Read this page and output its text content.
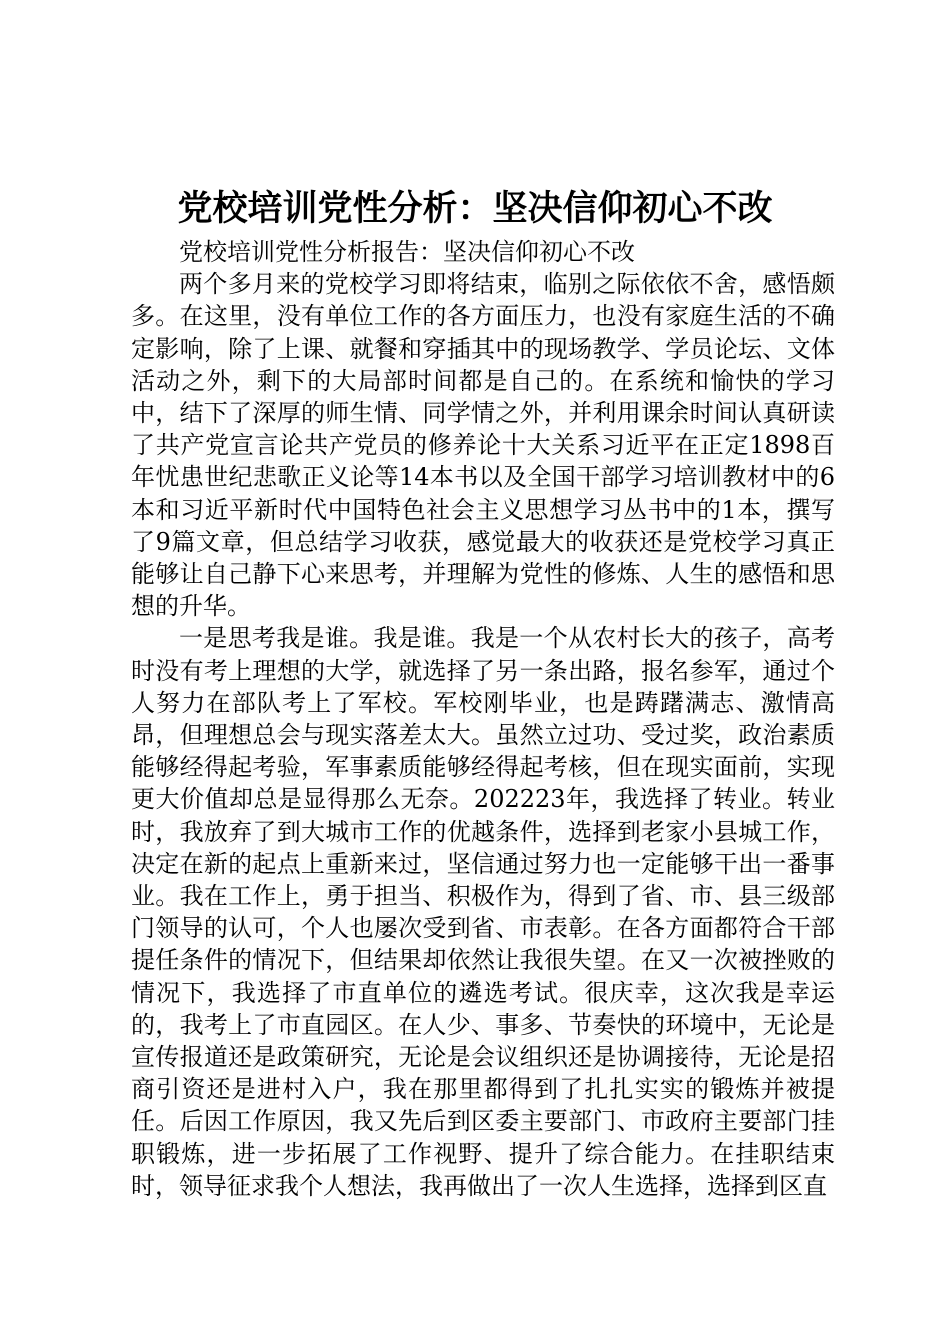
党校培训党性分析：坚决信仰初心不改

党校培训党性分析报告：坚决信仰初心不改

两个多月来的党校学习即将结束，临别之际依依不舍，感悟颇多。在这里，没有单位工作的各方面压力，也没有家庭生活的不确定影响，除了上课、就餐和穿插其中的现场教学、学员论坛、文体活动之外，剩下的大局部时间都是自己的。在系统和愉快的学习中，结下了深厚的师生情、同学情之外，并利用课余时间认真研读了共产党宣言论共产党员的修养论十大关系习近平在正定1898百年忧患世纪悲歌正义论等14本书以及全国干部学习培训教材中的6本和习近平新时代中国特色社会主义思想学习丛书中的1本，撰写了9篇文章，但总结学习收获，感觉最大的收获还是党校学习真正能够让自己静下心来思考，并理解为党性的修炼、人生的感悟和思想的升华。

一是思考我是谁。我是谁。我是一个从农村长大的孩子，高考时没有考上理想的大学，就选择了另一条出路，报名参军，通过个人努力在部队考上了军校。军校刚毕业，也是踌躇满志、激情高昂，但理想总会与现实落差太大。虽然立过功、受过奖，政治素质能够经得起考验，军事素质能够经得起考核，但在现实面前，实现更大价值却总是显得那么无奈。202223年，我选择了转业。转业时，我放弃了到大城市工作的优越条件，选择到老家小县城工作，决定在新的起点上重新来过，坚信通过努力也一定能够干出一番事业。我在工作上，勇于担当、积极作为，得到了省、市、县三级部门领导的认可，个人也屡次受到省、市表彰。在各方面都符合干部提任条件的情况下，但结果却依然让我很失望。在又一次被挫败的情况下，我选择了市直单位的遴选考试。很庆幸，这次我是幸运的，我考上了市直园区。在人少、事多、节奏快的环境中，无论是宣传报道还是政策研究，无论是会议组织还是协调接待，无论是招商引资还是进村入户，我在那里都得到了扎扎实实的锻炼并被提任。后因工作原因，我又先后到区委主要部门、市政府主要部门挂职锻炼，进一步拓展了工作视野、提升了综合能力。在挂职结束时，领导征求我个人想法，我再做出了一次人生选择，选择到区直
